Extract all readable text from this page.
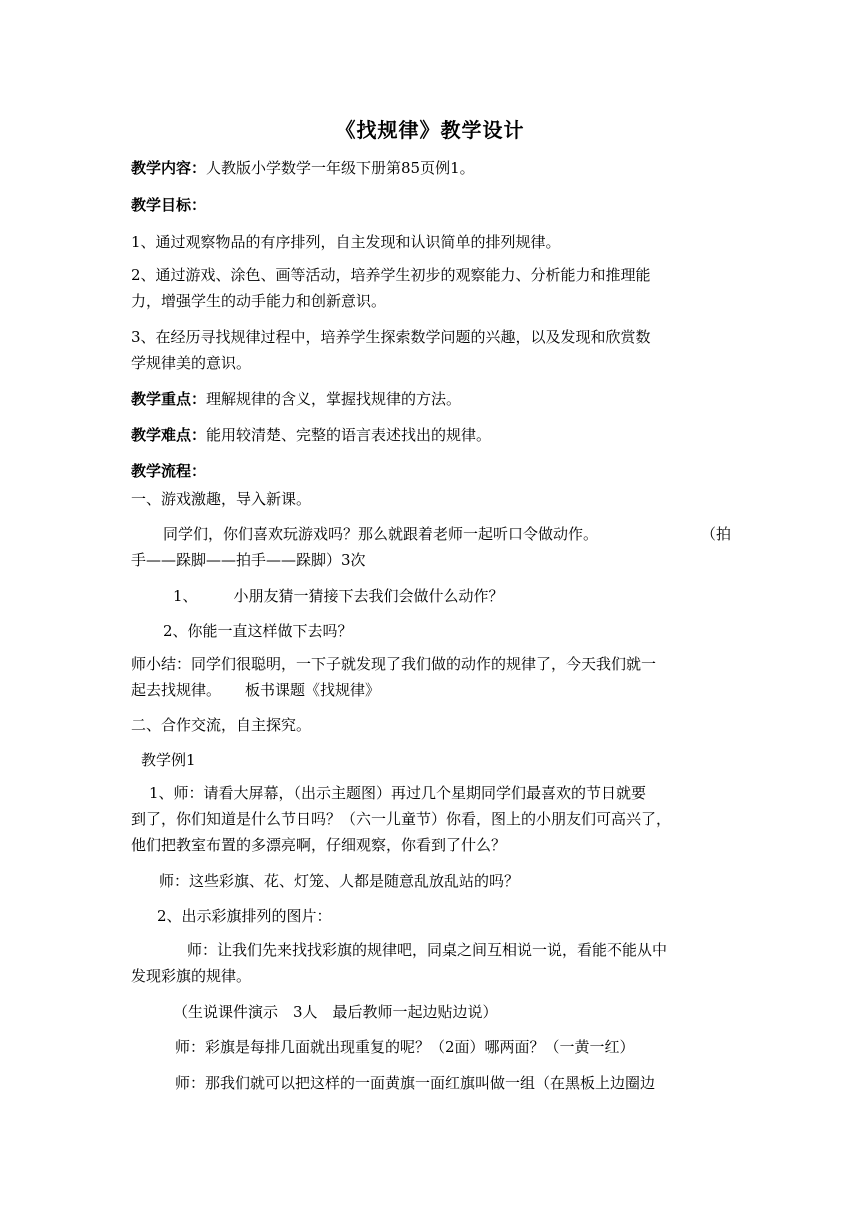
《找规律》教学设计
教学内容：人教版小学数学一年级下册第85页例1。
教学目标：
1、通过观察物品的有序排列，自主发现和认识简单的排列规律。
2、通过游戏、涂色、画等活动，培养学生初步的观察能力、分析能力和推理能
力，增强学生的动手能力和创新意识。
3、在经历寻找规律过程中，培养学生探索数学问题的兴趣，以及发现和欣赏数
学规律美的意识。
教学重点：理解规律的含义，掌握找规律的方法。
教学难点：能用较清楚、完整的语言表述找出的规律。
教学流程：
一、游戏激趣，导入新课。
同学们，你们喜欢玩游戏吗？那么就跟着老师一起听口令做动作。	（拍
手——跺脚——拍手——跺脚）3次
1、 小朋友猜一猜接下去我们会做什么动作？
2、你能一直这样做下去吗？
师小结：同学们很聪明，一下子就发现了我们做的动作的规律了，今天我们就一
起去找规律。 板书课题《找规律》
二、合作交流，自主探究。
教学例1
1、师：请看大屏幕，（出示主题图）再过几个星期同学们最喜欢的节日就要
到了，你们知道是什么节日吗？（六一儿童节）你看，图上的小朋友们可高兴了，
他们把教室布置的多漂亮啊，仔细观察，你看到了什么？
师：这些彩旗、花、灯笼、人都是随意乱放乱站的吗？
2、出示彩旗排列的图片：
师：让我们先来找找彩旗的规律吧，同桌之间互相说一说，看能不能从中
发现彩旗的规律。
（生说课件演示　3人　最后教师一起边贴边说）
师：彩旗是每排几面就出现重复的呢？（2面）哪两面？（一黄一红）
师：那我们就可以把这样的一面黄旗一面红旗叫做一组（在黑板上边圈边
